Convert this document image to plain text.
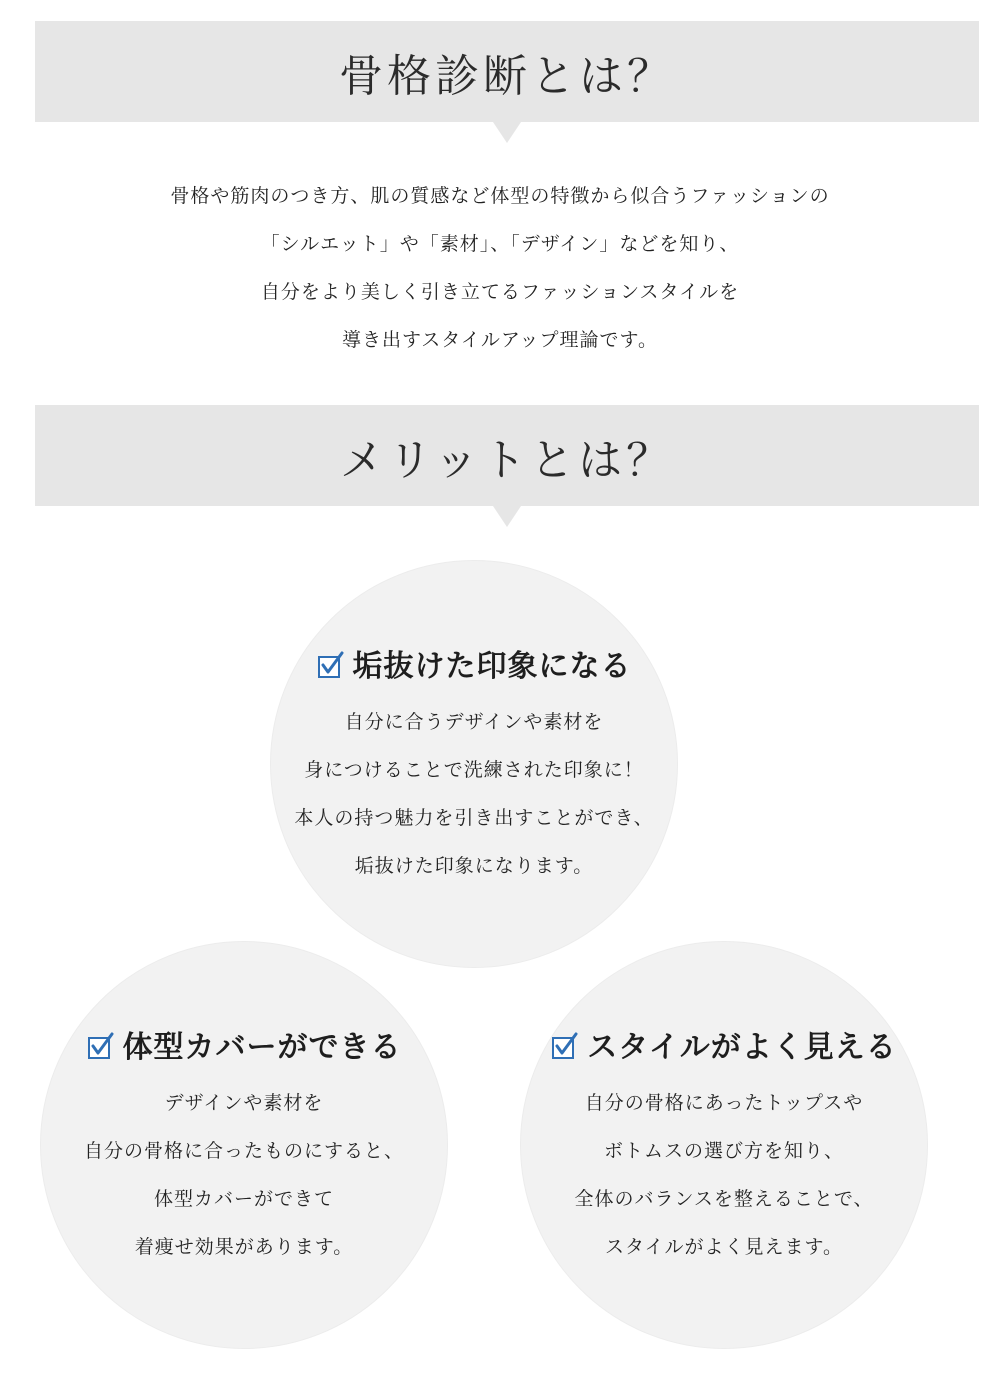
骨格診断とは？
骨格や筋肉のつき方、肌の質感など体型の特徴から似合うファッションの
「シルエット」や「素材」、「デザイン」などを知り、
自分をより美しく引き立てるファッションスタイルを
導き出すスタイルアップ理論です。
メリットとは？
垢抜けた印象になる
自分に合うデザインや素材を
身につけることで洗練された印象に！
本人の持つ魅力を引き出すことができ、
垢抜けた印象になります。
体型カバーができる
デザインや素材を
自分の骨格に合ったものにすると、
体型カバーができて
着痩せ効果があります。
スタイルがよく見える
自分の骨格にあったトップスや
ボトムスの選び方を知り、
全体のバランスを整えることで、
スタイルがよく見えます。
